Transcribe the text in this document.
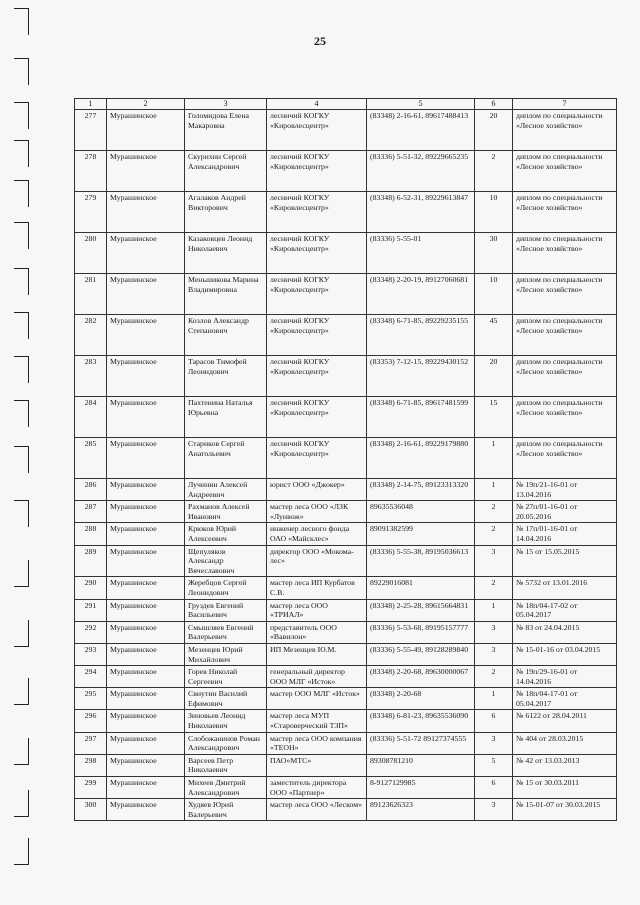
25
1	2	3	4	5	6	7
277	Мурашинское	Голомидова Елена Макаровна	лесничий КОГКУ «Кировлесцентр»	(83348) 2-16-61, 89617488413	20	диплом по специальности «Лесное хозяйство»
278	Мурашинское	Скурихин Сергей Александрович	лесничий КОГКУ «Кировлесцентр»	(83336) 5-51-32, 89229665235	2	диплом по специальности «Лесное хозяйство»
279	Мурашинское	Агалаков Андрей Викторович	лесничий КОГКУ «Кировлесцентр»	(83348) 6-52-31, 89229613847	10	диплом по специальности «Лесное хозяйство»
280	Мурашинское	Казаковцев Леонид Николаевич	лесничий КОГКУ «Кировлесцентр»	(83336) 5-55-01	30	диплом по специальности «Лесное хозяйство»
281	Мурашинское	Меньшикова Марина Владимировна	лесничий КОГКУ «Кировлесцентр»	(83348) 2-20-19, 89127060681	10	диплом по специальности «Лесное хозяйство»
282	Мурашинское	Козлов Александр Степанович	лесничий КОГКУ «Кировлесцентр»	(83348) 6-71-85, 89229235155	45	диплом по специальности «Лесное хозяйство»
283	Мурашинское	Тарасов Тимофей Леонидович	лесничий КОГКУ «Кировлесцентр»	(83353) 7-12-15, 89229430152	20	диплом по специальности «Лесное хозяйство»
284	Мурашинское	Пахтенина Наталья Юрьевна	лесничий КОГКУ «Кировлесцентр»	(83348) 6-71-85, 89617481599	15	диплом по специальности «Лесное хозяйство»
285	Мурашинское	Стариков Сергей Анатольевич	лесничий КОГКУ «Кировлесцентр»	(83348) 2-16-61, 89229179880	1	диплом по специальности «Лесное хозяйство»
286	Мурашинское	Лучинин Алексей Андреевич	юрист ООО «Джокер»	(83348) 2-14-75, 89123313320	1	№ 19п/21-16-01 от 13.04.2016
287	Мурашинское	Рахманов Алексей Иванович	мастер леса ООО «ЛЗК «Лунвож»	89635536048	2	№ 27п/01-16-01 от 20.05.2016
288	Мурашинское	Крюков Юрий Алексеевич	инженер лесного фонда ОАО «Майсклес»	89091382599	2	№ 17п/01-16-01 от 14.04.2016
289	Мурашинское	Щепуляков Александр Вячеславович	директор ООО «Мокома-лес»	(83336) 5-55-38, 89195036613	3	№ 15 от 15.05.2015
290	Мурашинское	Жеребцов Сергей Леонидович	мастер леса ИП Курбатов С.В.	89229016081	2	№ 5732 от 13.01.2016
291	Мурашинское	Груздев Евгений Васильевич	мастер леса ООО «ТРИАЛ»	(83348) 2-25-28, 89615664831	1	№ 18п/04-17-02 от 05.04.2017
292	Мурашинское	Смышляев Евгений Валерьевич	представитель ООО «Вавилон»	(83336) 5-53-68, 89195157777	3	№ 83 от 24.04.2015
293	Мурашинское	Мезенцев Юрий Михайлович	ИП Мезенцев Ю.М.	(83336) 5-55-49, 89128289840	3	№ 15-01-16 от 03.04.2015
294	Мурашинское	Горев Николай Сергеевич	генеральный директор ООО МЛГ «Исток»	(83348) 2-20-68, 89630000067	2	№ 19п/29-16-01 от 14.04.2016
295	Мурашинское	Свиутин Василий Ефимович	мастер ООО МЛГ «Исток»	(83348) 2-20-68	1	№ 18п/04-17-01 от 05.04.2017
296	Мурашинское	Зиновьев Леонид Николаевич	мастер леса МУП «Староверческий ТЗП»	(83348) 6-81-23, 89635536090	6	№ 6122 от 28.04.2011
297	Мурашинское	Слобожанинов Роман Александрович	мастер леса ООО компания «ТЕОН»	(83336) 5-51-72 89127374555	3	№ 404 от 28.03.2015
298	Мурашинское	Варсеев Петр Николаевич	ПАО«МТС»	89308781210	5	№ 42 от 13.03.2013
299	Мурашинское	Михеев Дмитрий Александрович	заместитель директора ООО «Партнер»	8-9127129985	6	№ 15 от 30.03.2011
300	Мурашинское	Худяев Юрий Валерьевич	мастер леса ООО «Леском»	89123626323	3	№ 15-01-07 от 30.03.2015
